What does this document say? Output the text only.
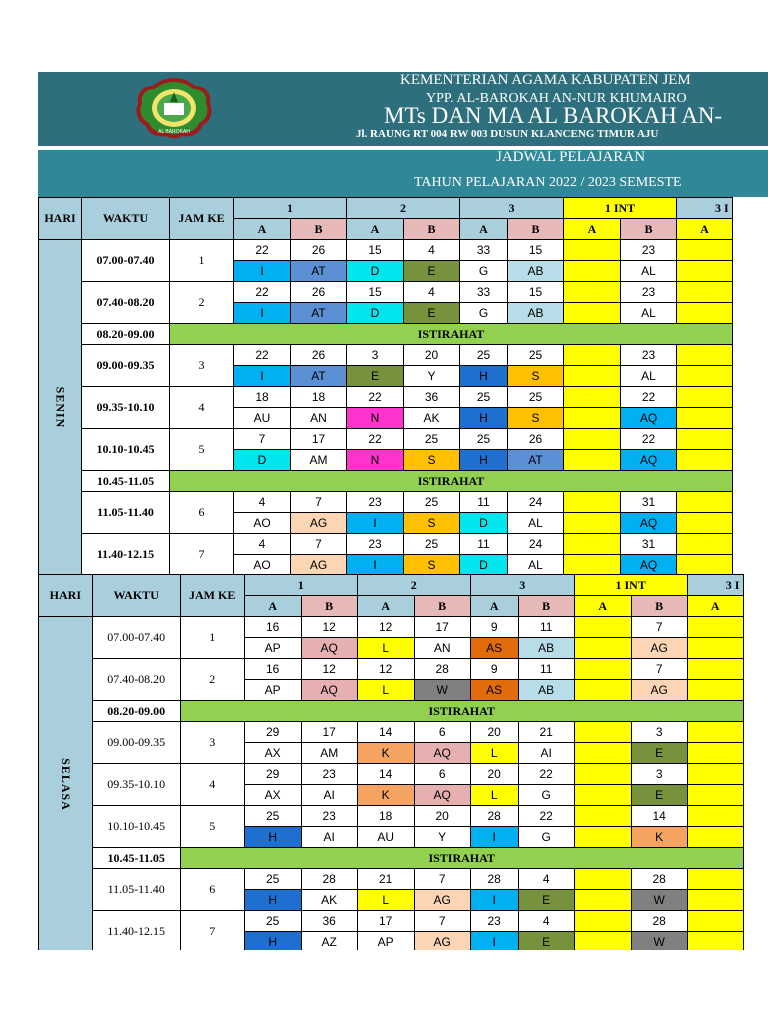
AL BAROKAH
KEMENTERIAN AGAMA KABUPATEN JEM
YPP. AL-BAROKAH AN-NUR KHUMAIRO
MTs DAN MA AL BAROKAH AN-
Jl. RAUNG RT 004 RW 003 DUSUN KLANCENG TIMUR AJU
JADWAL PELAJARAN
TAHUN PELAJARAN 2022 / 2023 SEMESTE
HARI	WAKTU	JAM KE	1		2		3		1 INT		3 I
			A	B	A	B	A	B	A	B	A
SENIN	07.00-07.40	1	22	26	15	4	33	15		23	
			I	AT	D	E	G	AB		AL	
	07.40-08.20	2	22	26	15	4	33	15		23	
			I	AT	D	E	G	AB		AL	
	08.20-09.00	ISTIRAHAT									
	09.00-09.35	3	22	26	3	20	25	25		23	
			I	AT	E	Y	H	S		AL	
	09.35-10.10	4	18	18	22	36	25	25		22	
			AU	AN	N	AK	H	S		AQ	
	10.10-10.45	5	7	17	22	25	25	26		22	
			D	AM	N	S	H	AT		AQ	
	10.45-11.05	ISTIRAHAT									
	11.05-11.40	6	4	7	23	25	11	24		31	
			AO	AG	I	S	D	AL		AQ	
	11.40-12.15	7	4	7	23	25	11	24		31	
			AO	AG	I	S	D	AL		AQ	
HARI	WAKTU	JAM KE	1		2		3		1 INT		3 I
			A	B	A	B	A	B	A	B	A
SELASA	07.00-07.40	1	16	12	12	17	9	11		7	
			AP	AQ	L	AN	AS	AB		AG	
	07.40-08.20	2	16	12	12	28	9	11		7	
			AP	AQ	L	W	AS	AB		AG	
	08.20-09.00	ISTIRAHAT									
	09.00-09.35	3	29	17	14	6	20	21		3	
			AX	AM	K	AQ	L	AI		E	
	09.35-10.10	4	29	23	14	6	20	22		3	
			AX	AI	K	AQ	L	G		E	
	10.10-10.45	5	25	23	18	20	28	22		14	
			H	AI	AU	Y	I	G		K	
	10.45-11.05	ISTIRAHAT									
	11.05-11.40	6	25	28	21	7	28	4		28	
			H	AK	L	AG	I	E		W	
	11.40-12.15	7	25	36	17	7	23	4		28	
			H	AZ	AP	AG	I	E		W	
